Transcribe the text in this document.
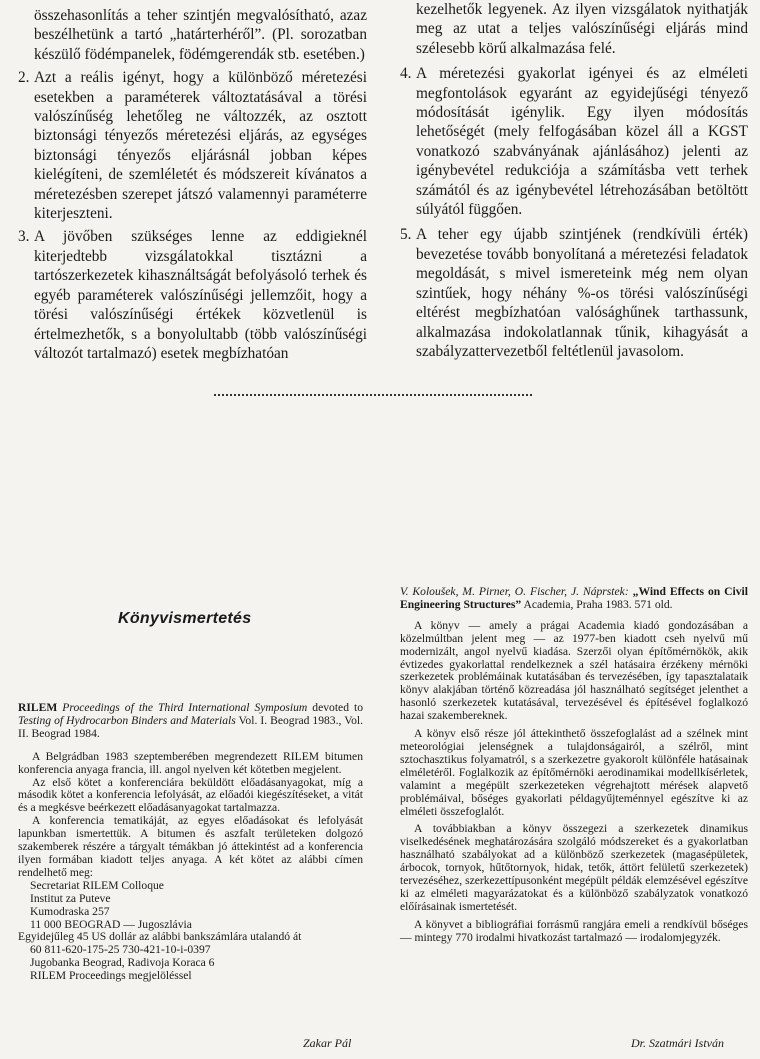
összehasonlítás a teher szintjén megvalósítható, azaz beszélhetünk a tartó „határterhéről”. (Pl. sorozatban készülő födémpanelek, födémgerendák stb. esetében.)

2. Azt a reális igényt, hogy a különböző méretezési esetekben a paraméterek változtatásával a törési valószínűség lehetőleg ne változzék, az osztott biztonsági tényezős méretezési eljárás, az egységes biztonsági tényezős eljárásnál jobban képes kielégíteni, de szemléletét és módszereit kívánatos a méretezésben szerepet játszó valamennyi paraméterre kiterjeszteni.

3. A jövőben szükséges lenne az eddigieknél kiterjedtebb vizsgálatokkal tisztázni a tartószerkezetek kihasználtságát befolyásoló terhek és egyéb paraméterek valószínűségi jellemzőit, hogy a törési valószínűségi értékek közvetlenül is értelmezhetők, s a bonyolultabb (több valószínűségi változót tartalmazó) esetek megbízhatóan

kezelhetők legyenek. Az ilyen vizsgálatok nyithatják meg az utat a teljes valószínűségi eljárás mind szélesebb körű alkalmazása felé.

4. A méretezési gyakorlat igényei és az elméleti megfontolások egyaránt az egyidejűségi tényező módosítását igénylik. Egy ilyen módosítás lehetőségét (mely felfogásában közel áll a KGST vonatkozó szabványának ajánlásához) jelenti az igénybevétel redukciója a számításba vett terhek számától és az igénybevétel létrehozásában betöltött súlyától függően.

5. A teher egy újabb szintjének (rendkívüli érték) bevezetése tovább bonyolítaná a méretezési feladatok megoldását, s mivel ismereteink még nem olyan szintűek, hogy néhány %-os törési valószínűségi eltérést megbízhatóan valósághűnek tarthassunk, alkalmazása indokolatlannak tűnik, kihagyását a szabályzattervezetből feltétlenül javasolom.

Könyvismertetés

RILEM Proceedings of the Third International Symposium devoted to Testing of Hydrocarbon Binders and Materials Vol. I. Beograd 1983., Vol. II. Beograd 1984.

A Belgrádban 1983 szeptemberében megrendezett RILEM bitumen konferencia anyaga francia, ill. angol nyelven két kötetben megjelent.

Az első kötet a konferenciára beküldött előadásanyagokat, míg a második kötet a konferencia lefolyását, az előadói kiegészítéseket, a vitát és a megkésve beérkezett előadásanyagokat tartalmazza.

A konferencia tematikáját, az egyes előadásokat és lefolyását lapunkban ismertettük. A bitumen és aszfalt területeken dolgozó szakemberek részére a tárgyalt témákban jó áttekintést ad a konferencia ilyen formában kiadott teljes anyaga. A két kötet az alábbi címen rendelhető meg:

Secretariat RILEM Colloque

Institut za Puteve

Kumodraska 257

11 000 BEOGRAD — Jugoszlávia

Egyidejűleg 45 US dollár az alábbi bankszámlára utalandó át

60 811-620-175-25 730-421-10-i-0397

Jugobanka Beograd, Radivoja Koraca 6

RILEM Proceedings megjelöléssel

Zakar Pál

V. Koloušek, M. Pirner, O. Fischer, J. Náprstek: „Wind Effects on Civil Engineering Structures” Academia, Praha 1983. 571 old.

A könyv — amely a prágai Academia kiadó gondozásában a közelmúltban jelent meg — az 1977-ben kiadott cseh nyelvű mű modernizált, angol nyelvű kiadása. Szerzői olyan építőmérnökök, akik évtizedes gyakorlattal rendelkeznek a szél hatásaira érzékeny mérnöki szerkezetek problémáinak kutatásában és tervezésében, így tapasztalataik könyv alakjában történő közreadása jól használható segítséget jelenthet a hasonló szerkezetek kutatásával, tervezésével és építésével foglalkozó hazai szakembereknek.

A könyv első része jól áttekinthető összefoglalást ad a szélnek mint meteorológiai jelenségnek a tulajdonságairól, a szélről, mint sztochasztikus folyamatról, s a szerkezetre gyakorolt különféle hatásainak elméletéről. Foglalkozik az építőmérnöki aerodinamikai modellkísérletek, valamint a megépült szerkezeteken végrehajtott mérések alapvető problémáival, bőséges gyakorlati példagyűjteménnyel egészítve ki az elméleti összefoglalót.

A továbbiakban a könyv összegezi a szerkezetek dinamikus viselkedésének meghatározására szolgáló módszereket és a gyakorlatban használható szabályokat ad a különböző szerkezetek (magasépületek, árbocok, tornyok, hűtőtornyok, hidak, tetők, áttört felületű szerkezetek) tervezéséhez, szerkezettípusonként megépült példák elemzésével egészítve ki az elméleti magyarázatokat és a különböző szabályzatok vonatkozó előírásainak ismertetését.

A könyvet a bibliográfiai forrásmű rangjára emeli a rendkívül bőséges — mintegy 770 irodalmi hivatkozást tartalmazó — irodalomjegyzék.

Dr. Szatmári István
